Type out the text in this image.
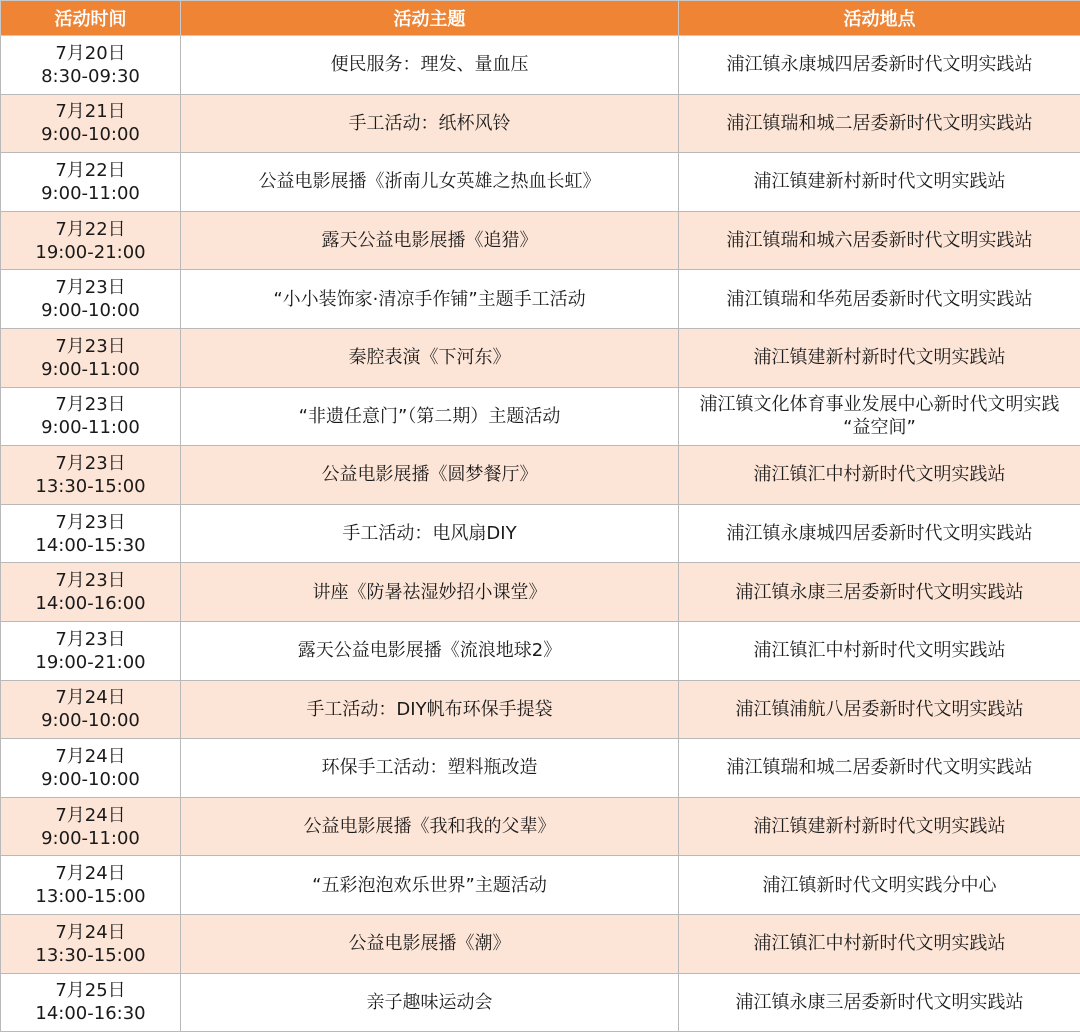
活动时间	活动主题	活动地点

7月20日
8:30-09:30	便民服务：理发、量血压	浦江镇永康城四居委新时代文明实践站

7月21日
9:00-10:00	手工活动：纸杯风铃	浦江镇瑞和城二居委新时代文明实践站

7月22日
9:00-11:00	公益电影展播《浙南儿女英雄之热血长虹》	浦江镇建新村新时代文明实践站

7月22日
19:00-21:00	露天公益电影展播《追猎》	浦江镇瑞和城六居委新时代文明实践站

7月23日
9:00-10:00	“小小装饰家·清凉手作铺”主题手工活动	浦江镇瑞和华苑居委新时代文明实践站

7月23日
9:00-11:00	秦腔表演《下河东》	浦江镇建新村新时代文明实践站

7月23日
9:00-11:00	“非遗任意门”（第二期）主题活动	浦江镇文化体育事业发展中心新时代文明实践
“益空间”

7月23日
13:30-15:00	公益电影展播《圆梦餐厅》	浦江镇汇中村新时代文明实践站

7月23日
14:00-15:30	手工活动：电风扇DIY	浦江镇永康城四居委新时代文明实践站

7月23日
14:00-16:00	讲座《防暑祛湿妙招小课堂》	浦江镇永康三居委新时代文明实践站

7月23日
19:00-21:00	露天公益电影展播《流浪地球2》	浦江镇汇中村新时代文明实践站

7月24日
9:00-10:00	手工活动：DIY帆布环保手提袋	浦江镇浦航八居委新时代文明实践站

7月24日
9:00-10:00	环保手工活动：塑料瓶改造	浦江镇瑞和城二居委新时代文明实践站

7月24日
9:00-11:00	公益电影展播《我和我的父辈》	浦江镇建新村新时代文明实践站

7月24日
13:00-15:00	“五彩泡泡欢乐世界”主题活动	浦江镇新时代文明实践分中心

7月24日
13:30-15:00	公益电影展播《潮》	浦江镇汇中村新时代文明实践站

7月25日
14:00-16:30	亲子趣味运动会	浦江镇永康三居委新时代文明实践站
